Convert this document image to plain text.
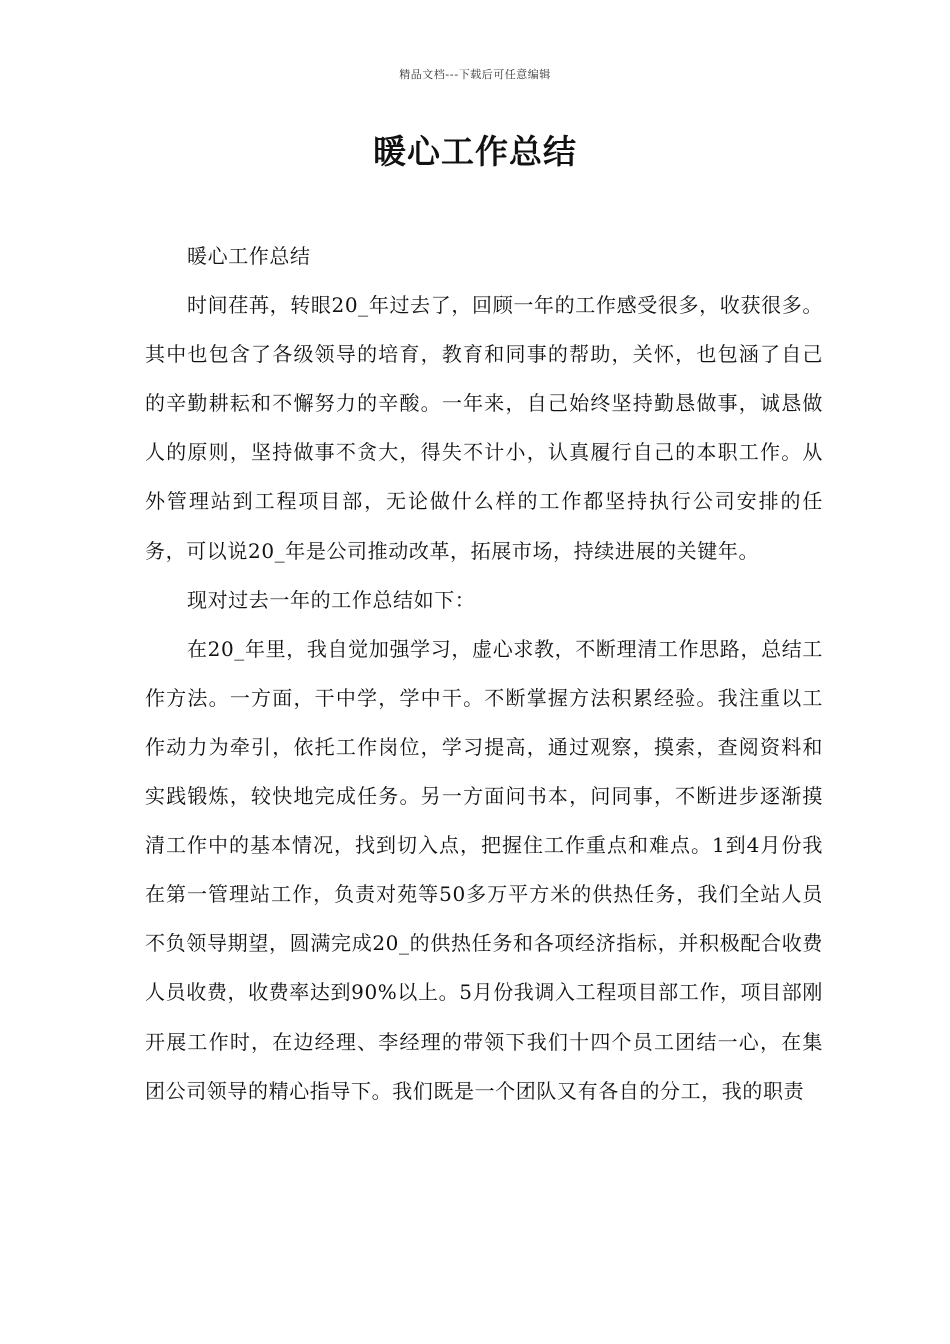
精品文档---下载后可任意编辑
暖心工作总结

暖心工作总结

时间荏苒，转眼20_年过去了，回顾一年的工作感受很多，收获很多。其中也包含了各级领导的培育，教育和同事的帮助，关怀，也包涵了自己的辛勤耕耘和不懈努力的辛酸。一年来，自己始终坚持勤恳做事，诚恳做人的原则，坚持做事不贪大，得失不计小，认真履行自己的本职工作。从外管理站到工程项目部，无论做什么样的工作都坚持执行公司安排的任务，可以说20_年是公司推动改革，拓展市场，持续进展的关键年。

现对过去一年的工作总结如下：

在20_年里，我自觉加强学习，虚心求教，不断理清工作思路，总结工作方法。一方面，干中学，学中干。不断掌握方法积累经验。我注重以工作动力为牵引，依托工作岗位，学习提高，通过观察，摸索，查阅资料和实践锻炼，较快地完成任务。另一方面问书本，问同事，不断进步逐渐摸清工作中的基本情况，找到切入点，把握住工作重点和难点。1到4月份我在第一管理站工作，负责对苑等50多万平方米的供热任务，我们全站人员不负领导期望，圆满完成20_的供热任务和各项经济指标，并积极配合收费人员收费，收费率达到90%以上。5月份我调入工程项目部工作，项目部刚开展工作时，在边经理、李经理的带领下我们十四个员工团结一心，在集团公司领导的精心指导下。我们既是一个团队又有各自的分工，我的职责
